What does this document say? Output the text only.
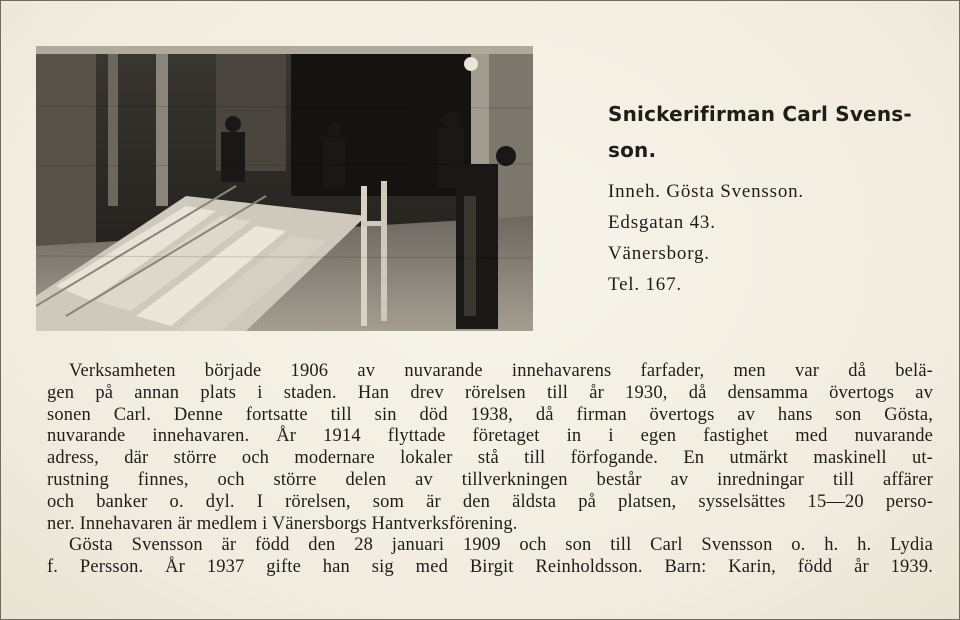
Snickerifirman Carl Svens-
son.
Inneh. Gösta Svensson.
Edsgatan 43.
Vänersborg.
Tel. 167.
Verksamheten började 1906 av nuvarande innehavarens farfader, men var då belä-
gen på annan plats i staden. Han drev rörelsen till år 1930, då densamma övertogs av
sonen Carl. Denne fortsatte till sin död 1938, då firman övertogs av hans son Gösta,
nuvarande innehavaren. År 1914 flyttade företaget in i egen fastighet med nuvarande
adress, där större och modernare lokaler stå till förfogande. En utmärkt maskinell ut-
rustning finnes, och större delen av tillverkningen består av inredningar till affärer
och banker o. dyl. I rörelsen, som är den äldsta på platsen, sysselsättes 15—20 perso-
ner. Innehavaren är medlem i Vänersborgs Hantverksförening.
Gösta Svensson är född den 28 januari 1909 och son till Carl Svensson o. h. h. Lydia
f. Persson. År 1937 gifte han sig med Birgit Reinholdsson. Barn: Karin, född år 1939.
